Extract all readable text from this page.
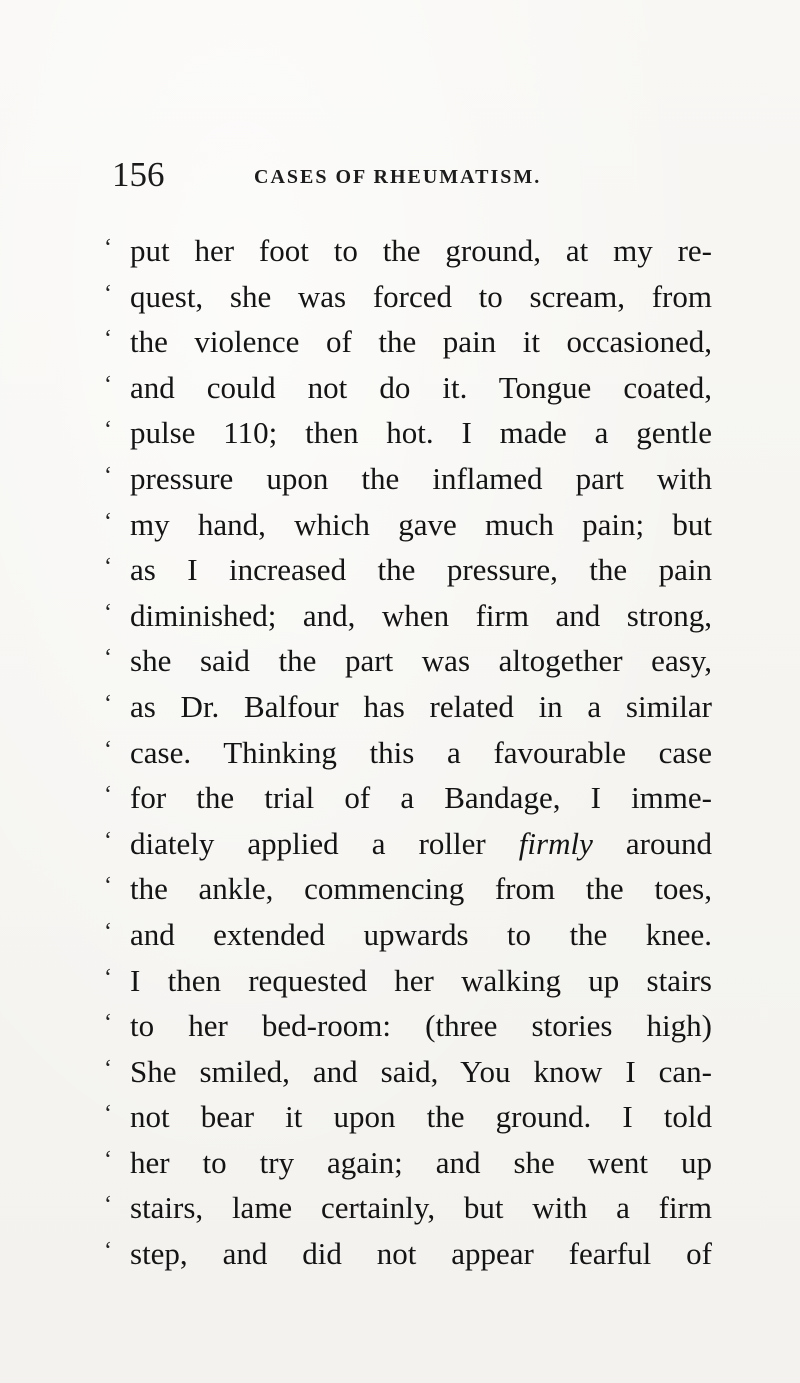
156	CASES OF RHEUMATISM.
‘ put her foot to the ground, at my re-
‘ quest, she was forced to scream, from
‘ the violence of the pain it occasioned,
‘ and could not do it. Tongue coated,
‘ pulse 110; then hot. I made a gentle
‘ pressure upon the inflamed part with
‘ my hand, which gave much pain; but
‘ as I increased the pressure, the pain
‘ diminished; and, when firm and strong,
‘ she said the part was altogether easy,
‘ as Dr. Balfour has related in a similar
‘ case. Thinking this a favourable case
‘ for the trial of a Bandage, I imme-
‘ diately applied a roller firmly around
‘ the ankle, commencing from the toes,
‘ and extended upwards to the knee.
‘ I then requested her walking up stairs
‘ to her bed-room: (three stories high)
‘ She smiled, and said, You know I can-
‘ not bear it upon the ground. I told
‘ her to try again; and she went up
‘ stairs, lame certainly, but with a firm
‘ step, and did not appear fearful of
